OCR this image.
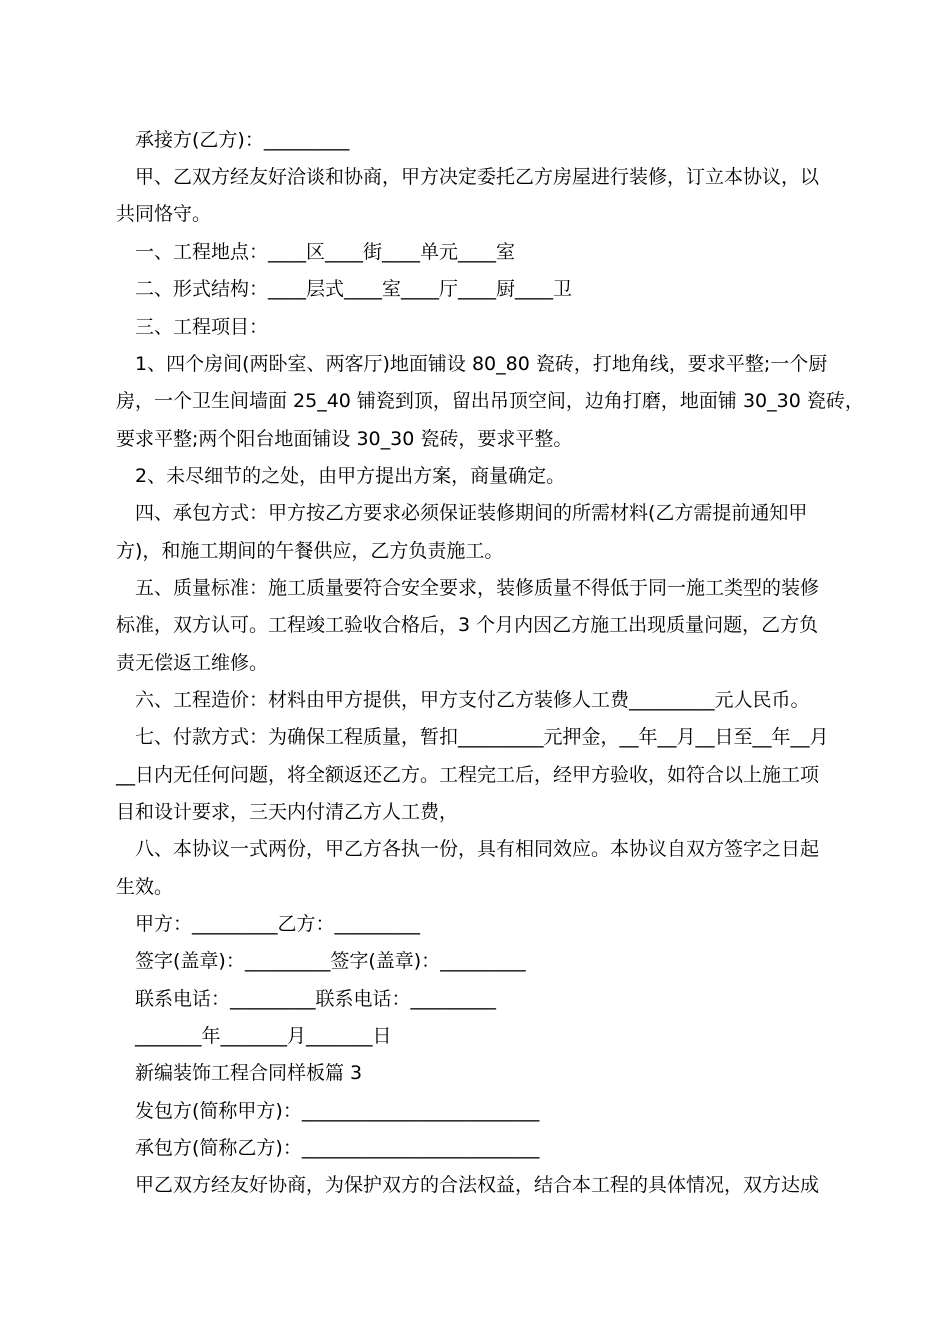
承接方(乙方)：_________
甲、乙双方经友好洽谈和协商，甲方决定委托乙方房屋进行装修，订立本协议，以
共同恪守。
一、工程地点：____区____街____单元____室
二、形式结构：____层式____室____厅____厨____卫
三、工程项目：
1、四个房间(两卧室、两客厅)地面铺设 80_80 瓷砖，打地角线，要求平整;一个厨
房，一个卫生间墙面 25_40 铺瓷到顶，留出吊顶空间，边角打磨，地面铺 30_30 瓷砖，
要求平整;两个阳台地面铺设 30_30 瓷砖，要求平整。
2、未尽细节的之处，由甲方提出方案，商量确定。
四、承包方式：甲方按乙方要求必须保证装修期间的所需材料(乙方需提前通知甲
方)，和施工期间的午餐供应，乙方负责施工。
五、质量标准：施工质量要符合安全要求，装修质量不得低于同一施工类型的装修
标准，双方认可。工程竣工验收合格后，3 个月内因乙方施工出现质量问题，乙方负
责无偿返工维修。
六、工程造价：材料由甲方提供，甲方支付乙方装修人工费_________元人民币。
七、付款方式：为确保工程质量，暂扣_________元押金，__年__月__日至__年__月
__日内无任何问题，将全额返还乙方。工程完工后，经甲方验收，如符合以上施工项
目和设计要求，三天内付清乙方人工费，
八、本协议一式两份，甲乙方各执一份，具有相同效应。本协议自双方签字之日起
生效。
甲方：_________乙方：_________
签字(盖章)：_________签字(盖章)：_________
联系电话：_________联系电话：_________
_______年_______月_______日
新编装饰工程合同样板篇 3
发包方(简称甲方)：_________________________
承包方(简称乙方)：_________________________
甲乙双方经友好协商，为保护双方的合法权益，结合本工程的具体情况，双方达成
